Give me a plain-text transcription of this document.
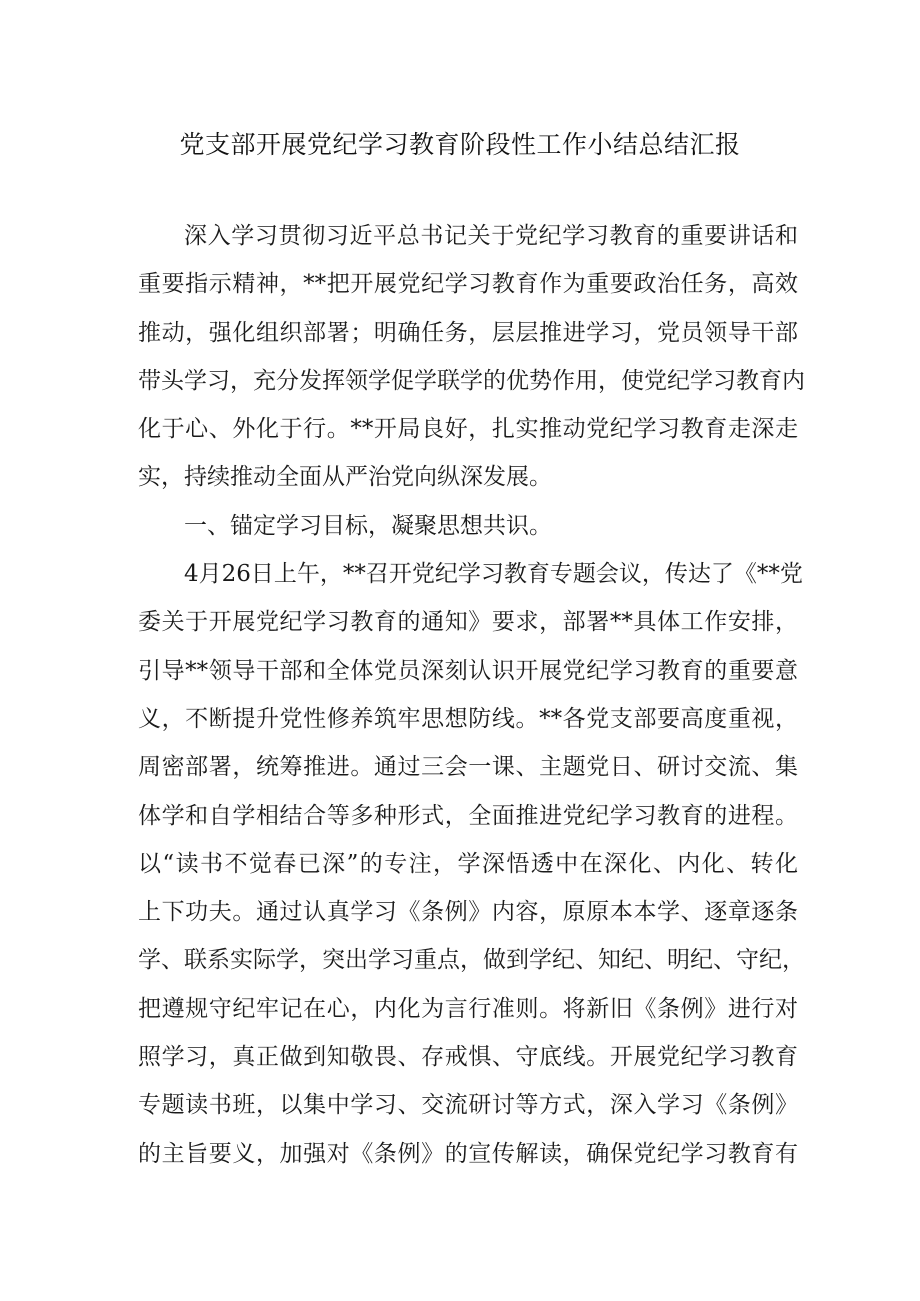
党支部开展党纪学习教育阶段性工作小结总结汇报
深入学习贯彻习近平总书记关于党纪学习教育的重要讲话和
重要指示精神，**把开展党纪学习教育作为重要政治任务，高效
推动，强化组织部署；明确任务，层层推进学习，党员领导干部
带头学习，充分发挥领学促学联学的优势作用，使党纪学习教育内
化于心、外化于行。**开局良好，扎实推动党纪学习教育走深走
实，持续推动全面从严治党向纵深发展。
一、锚定学习目标，凝聚思想共识。
4月26日上午，**召开党纪学习教育专题会议，传达了《**党
委关于开展党纪学习教育的通知》要求，部署**具体工作安排，
引导**领导干部和全体党员深刻认识开展党纪学习教育的重要意
义，不断提升党性修养筑牢思想防线。**各党支部要高度重视，
周密部署，统筹推进。通过三会一课、主题党日、研讨交流、集
体学和自学相结合等多种形式，全面推进党纪学习教育的进程。
以“读书不觉春已深”的专注，学深悟透中在深化、内化、转化
上下功夫。通过认真学习《条例》内容，原原本本学、逐章逐条
学、联系实际学，突出学习重点，做到学纪、知纪、明纪、守纪，
把遵规守纪牢记在心，内化为言行准则。将新旧《条例》进行对
照学习，真正做到知敬畏、存戒惧、守底线。开展党纪学习教育
专题读书班，以集中学习、交流研讨等方式，深入学习《条例》
的主旨要义，加强对《条例》的宣传解读，确保党纪学习教育有
